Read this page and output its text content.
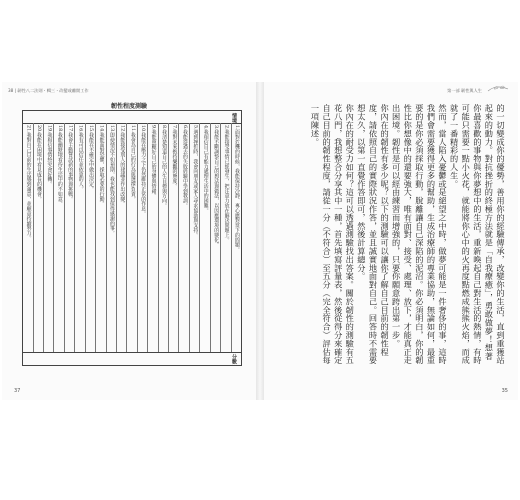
38 | 韌性八二法則・輯三・改變或離開工作
韌性程度測驗
情境
1.面對危機的時候，我能保持冷靜、專心應對當下的問題。
2.我能接受事情已經發生，把注意力放在解決問題上。
3.我能不斷調整自己的想法與做法，以因應環境的變化。
4.我相信自己有能力處理生活中的困難。
5.遇到挫折時，我會向朋友或家人尋求協助與支持。
6.我能從過去的失敗經驗中學到教訓。
7.我對未來抱持樂觀的態度。
8.我清楚知道自己的人生目標與方向。
9.我能照顧好自己的身體與情緒。
10.我能在壓力之下仍然維持正常的作息。
11.我會為自己的行為與選擇負責。
12.我能接受別人的建議並作出改變。
13.即使情況不如預期，我也能找到值得感謝的事。
14.我能面對恐懼，採取必要的行動。
15.我能在不確定中做出決定。
16.我有可以信任並依靠的人。
17.我會主動嘗試新的事物與挑戰。
18.我能幽默地看待生活中的不如意。
19.我相信事情終究會好轉。
20.我能在困境中看見成長的機會。
21.我對自己目前的生活感到滿意，並願意持續努力。
分數
37
第一部 韌性與人生

的一切變成你的優勢，善用你的經驗傳承，改變你的生活，直到重獲站起來的動力。對抗挫折的終極方法就是「自我療癒」，勇敢做夢！想著你最喜歡的事物與你夢想中的生活，重新喚起自己對生活的熱情，有時可能只需要一點小火花，就能將你心中的火再度點燃成熊熊火焰，而成就了一番精彩的人生。

然而，當人陷入憂鬱或是絕望之中時，做夢可能是一件奢侈的事，這時我們會需要獲得更多的幫助，生成治療師的專業協助，無論如何，最重要的是你必須採取行動，脫離讓自己深陷的泥沼。你必須明白，你的韌性比你想像中的還要強大，唯有面對、接受、處理、放下，才能真正走出困境。韌性是可以經由練習而增強的，只要你願意跨出第一步。

你內在的韌性有多少呢？以下的測驗可以讓你了解自己目前的韌性程度，請依照自己的實際狀況作答，並且誠實地面對自己。回答時不需要想太久，以第一直覺作答即可，然後計算總分。

你內在的耐受力如何？這可以透過測驗找出答案。關於韌性的測驗有五花八門，我想整合分享其中一種，首先填寫評量表，然後從得分來確定自己目前的韌性程度，請從一分（不符合）至五分（完全符合）評估每一項陳述。

35
